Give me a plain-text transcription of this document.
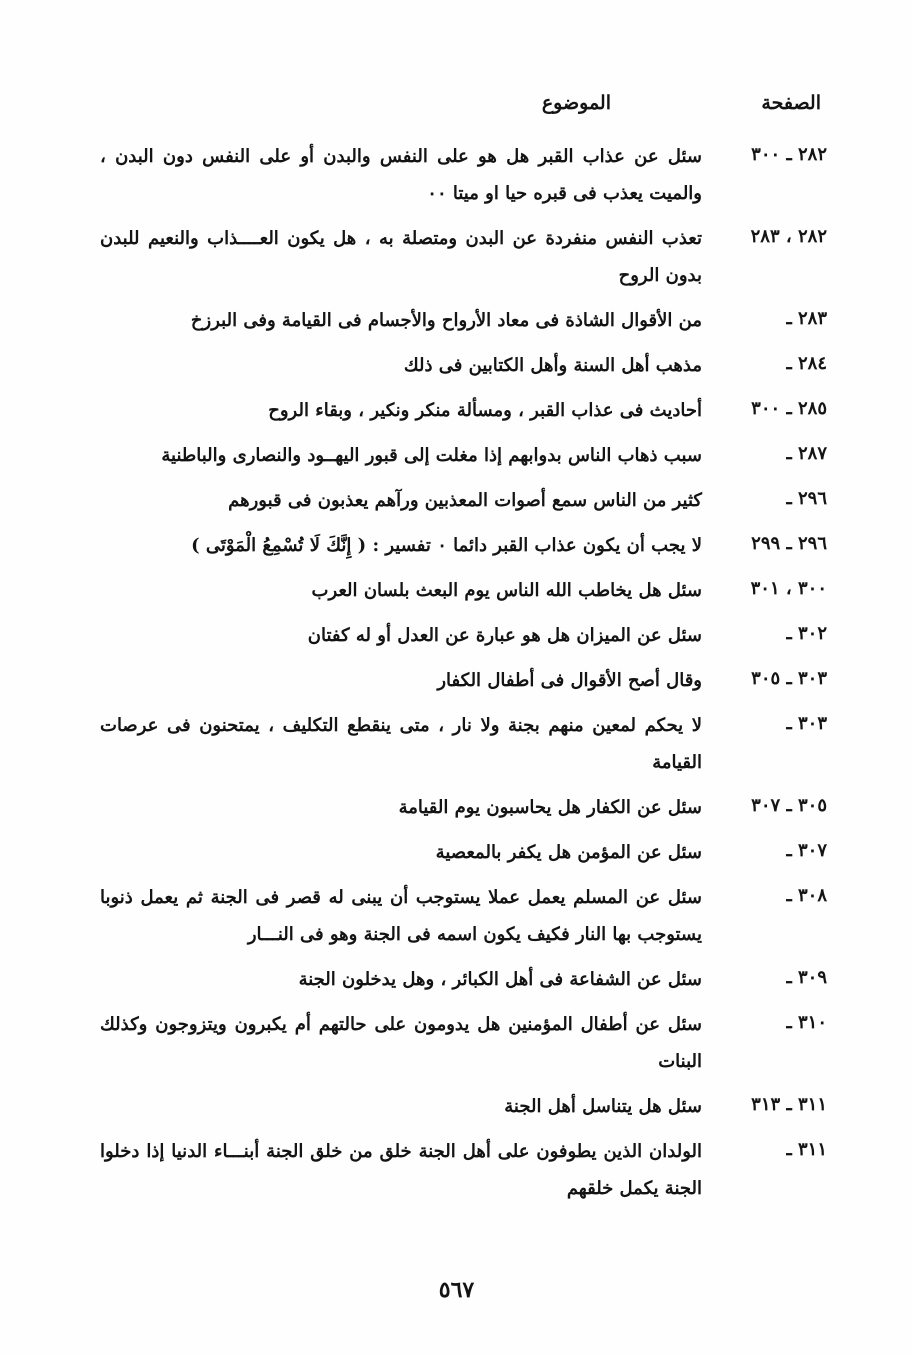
الصفحة
الموضوع
٢٨٢ ـ ٣٠٠
سئل عن عذاب القبر هل هو على النفس والبدن أو على النفس دون البدن ، والميت يعذب فى قبره حيا او ميتا ٠٠
٢٨٢ ، ٢٨٣
تعذب النفس منفردة عن البدن ومتصلة به ، هل يكون العــــذاب والنعيم للبدن بدون الروح
٢٨٣ ـ
من الأقوال الشاذة فى معاد الأرواح والأجسام فى القيامة وفى البرزخ
٢٨٤ ـ
مذهب أهل السنة وأهل الكتابين فى ذلك
٢٨٥ ـ ٣٠٠
أحاديث فى عذاب القبر ، ومسألة منكر ونكير ، وبقاء الروح
٢٨٧ ـ
سبب ذهاب الناس بدوابهم إذا مغلت إلى قبور اليهــود والنصارى والباطنية
٢٩٦ ـ
كثير من الناس سمع أصوات المعذبين ورآهم يعذبون فى قبورهم
٢٩٦ ـ ٢٩٩
لا يجب أن يكون عذاب القبر دائما ٠ تفسير : ( إِنَّكَ لَا تُسْمِعُ الْمَوْتَى )
٣٠٠ ، ٣٠١
سئل هل يخاطب الله الناس يوم البعث بلسان العرب
٣٠٢ ـ
سئل عن الميزان هل هو عبارة عن العدل أو له كفتان
٣٠٣ ـ ٣٠٥
وقال أصح الأقوال فى أطفال الكفار
٣٠٣ ـ
لا يحكم لمعين منهم بجنة ولا نار ، متى ينقطع التكليف ، يمتحنون فى عرصات القيامة
٣٠٥ ـ ٣٠٧
سئل عن الكفار هل يحاسبون يوم القيامة
٣٠٧ ـ
سئل عن المؤمن هل يكفر بالمعصية
٣٠٨ ـ
سئل عن المسلم يعمل عملا يستوجب أن يبنى له قصر فى الجنة ثم يعمل ذنوبا يستوجب بها النار فكيف يكون اسمه فى الجنة وهو فى النـــار
٣٠٩ ـ
سئل عن الشفاعة فى أهل الكبائر ، وهل يدخلون الجنة
٣١٠ ـ
سئل عن أطفال المؤمنين هل يدومون على حالتهم أم يكبرون ويتزوجون وكذلك البنات
٣١١ ـ ٣١٣
سئل هل يتناسل أهل الجنة
٣١١ ـ
الولدان الذين يطوفون على أهل الجنة خلق من خلق الجنة أبنـــاء الدنيا إذا دخلوا الجنة يكمل خلقهم
٥٦٧
